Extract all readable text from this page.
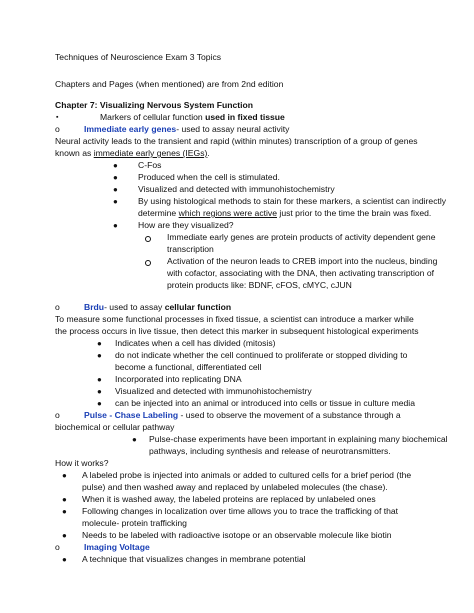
Techniques of Neuroscience Exam 3 Topics
Chapters and Pages (when mentioned) are from 2nd edition
Chapter 7: Visualizing Nervous System Function
▪	Markers of cellular function used in fixed tissue
o	Immediate early genes- used to assay neural activity
Neural activity leads to the transient and rapid (within minutes) transcription of a group of genes
known as immediate early genes (IEGs).
● C-Fos
● Produced when the cell is stimulated.
● Visualized and detected with immunohistochemistry
● By using histological methods to stain for these markers, a scientist can indirectly
determine which regions were active just prior to the time the brain was fixed.
● How are they visualized?
Immediate early genes are protein products of activity dependent gene
transcription
Activation of the neuron leads to CREB import into the nucleus, binding
with cofactor, associating with the DNA, then activating transcription of
protein products like: BDNF, cFOS, cMYC, cJUN
o	Brdu- used to assay cellular function
To measure some functional processes in fixed tissue, a scientist can introduce a marker while
the process occurs in live tissue, then detect this marker in subsequent histological experiments
● Indicates when a cell has divided (mitosis)
● do not indicate whether the cell continued to proliferate or stopped dividing to
become a functional, differentiated cell
● Incorporated into replicating DNA
● Visualized and detected with immunohistochemistry
● can be injected into an animal or introduced into cells or tissue in culture media
o	Pulse - Chase Labeling - used to observe the movement of a substance through a
biochemical or cellular pathway
● Pulse-chase experiments have been important in explaining many biochemical
pathways, including synthesis and release of neurotransmitters.
How it works?
● A labeled probe is injected into animals or added to cultured cells for a brief period (the
pulse) and then washed away and replaced by unlabeled molecules (the chase).
● When it is washed away, the labeled proteins are replaced by unlabeled ones
● Following changes in localization over time allows you to trace the trafficking of that
molecule- protein trafficking
● Needs to be labeled with radioactive isotope or an observable molecule like biotin
o	Imaging Voltage
● A technique that visualizes changes in membrane potential
